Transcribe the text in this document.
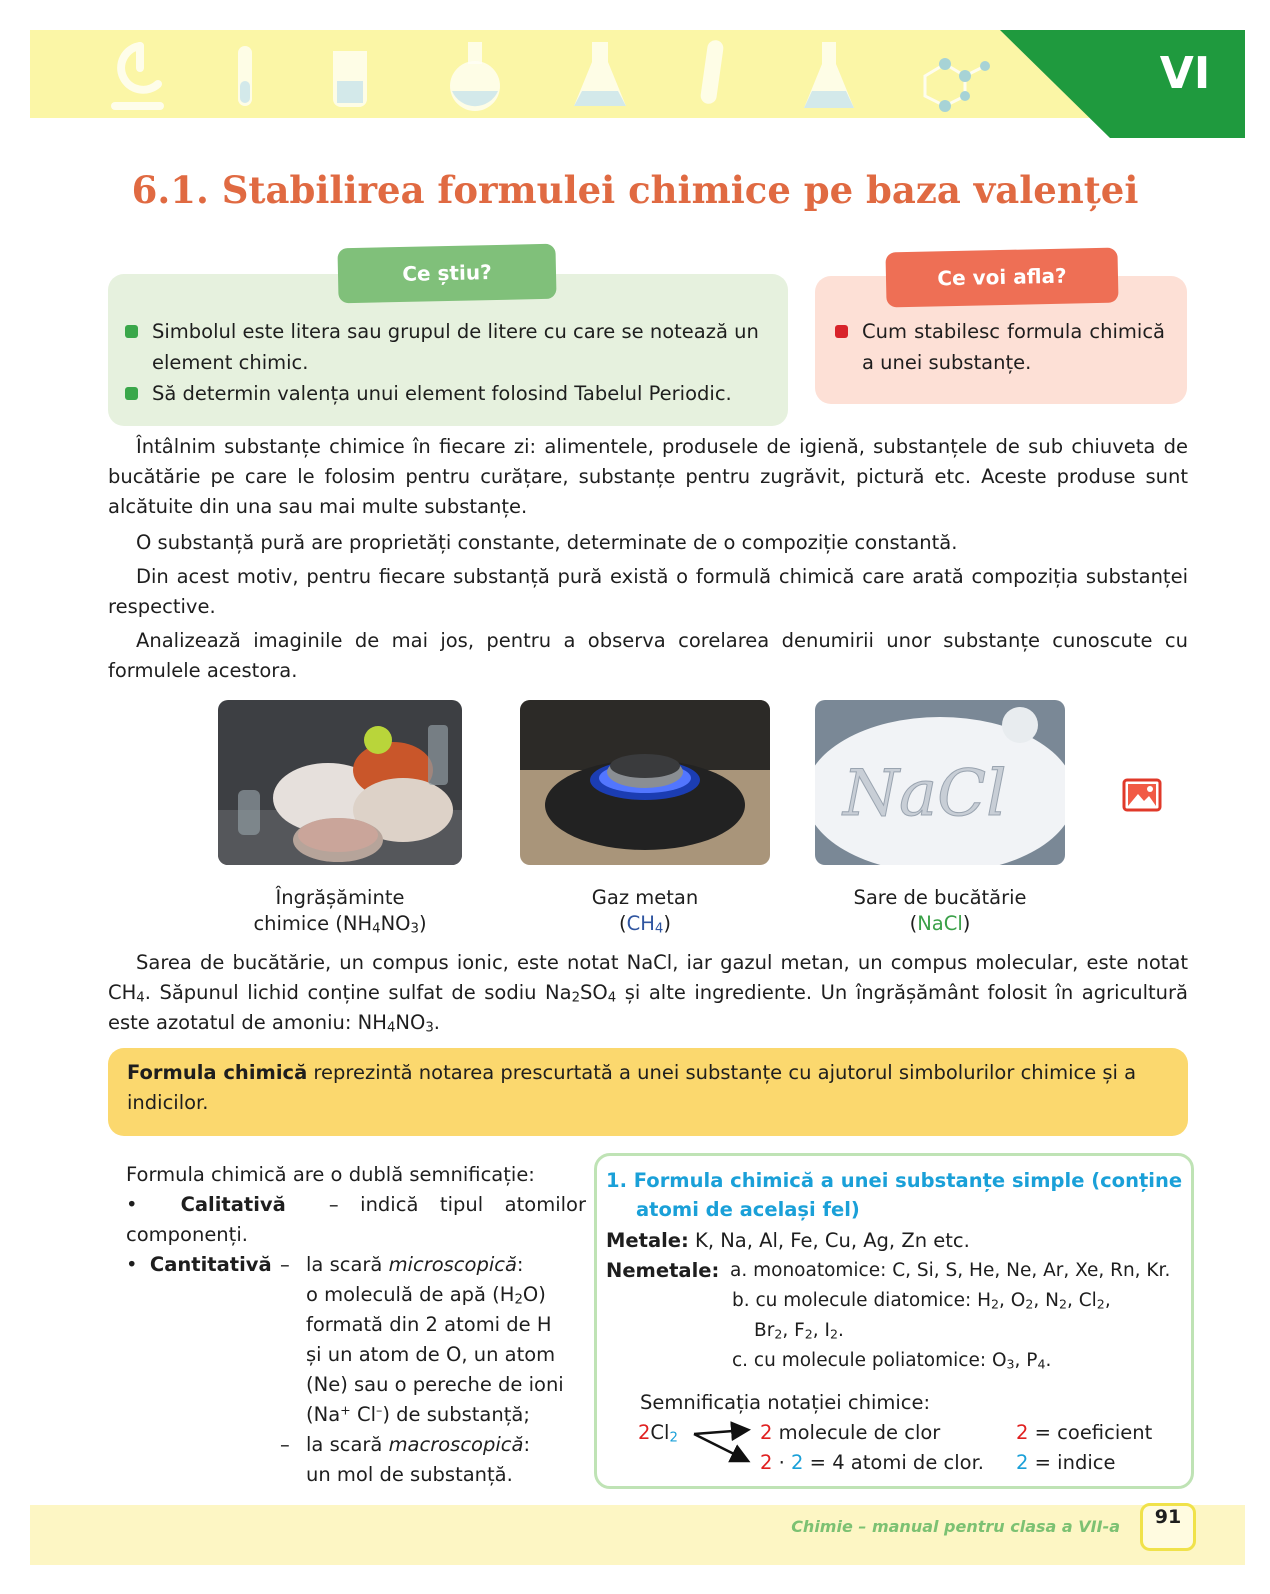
VI
6.1. Stabilirea formulei chimice pe baza valenței
Ce știu?
Simbolul este litera sau grupul de litere cu care se notează un element chimic.
Să determin valența unui element folosind Tabelul Periodic.
Ce voi afla?
Cum stabilesc formula chimică a unei substanțe.
Întâlnim substanțe chimice în fiecare zi: alimentele, produsele de igienă, substanțele de sub chiuveta de bucătărie pe care le folosim pentru curățare, substanțe pentru zugrăvit, pictură etc. Aceste produse sunt alcătuite din una sau mai multe substanțe.
O substanță pură are proprietăți constante, determinate de o compoziție constantă.
Din acest motiv, pentru fiecare substanță pură există o formulă chimică care arată compoziția substanței respective.
Analizează imaginile de mai jos, pentru a observa corelarea denumirii unor substanțe cunoscute cu formulele acestora.
NaCl
Îngrășăminte
chimice $(NH_4NO_3)$
Gaz metan
$(CH_4)$
Sare de bucătărie
(NaCl)
Sarea de bucătărie, un compus ionic, este notat NaCl, iar gazul metan, un compus molecular, este notat $CH_4$. Săpunul lichid conține sulfat de sodiu $Na_2SO_4$ și alte ingrediente. Un îngrășământ folosit în agricultură este azotatul de amoniu: $NH_4NO_3$.
Formula chimică reprezintă notarea prescurtată a unei substanțe cu ajutorul simbolurilor chimice și a indicilor.
Formula chimică are o dublă semnificație:
•  Calitativă – indică tipul atomilor componenți.
•  Cantitativă – la scară microscopică:
o moleculă de apă $(H_2O)$
formată din 2 atomi de H
și un atom de O, un atom
(Ne) sau o pereche de ioni
(Na+ Cl–) de substanță;
– la scară macroscopică:
un mol de substanță.
1. Formula chimică a unei substanțe simple (conține
atomi de același fel)
Metale: K, Na, Al, Fe, Cu, Ag, Zn etc.
Nemetale: a. monoatomice: C, Si, S, He, Ne, Ar, Xe, Rn, Kr.
b. cu molecule diatomice: $H_2$, $O_2$, $N_2$, $Cl_2$,
$Br_2$, $F_2$, $I_2$.
c. cu molecule poliatomice: $O_3$, $P_4$.
Semnificația notației chimice:
$2Cl_2$	2 molecule de clor
2 · 2 = 4 atomi de clor.
2 = coeficient
2 = indice
Chimie – manual pentru clasa a VII-a	91
